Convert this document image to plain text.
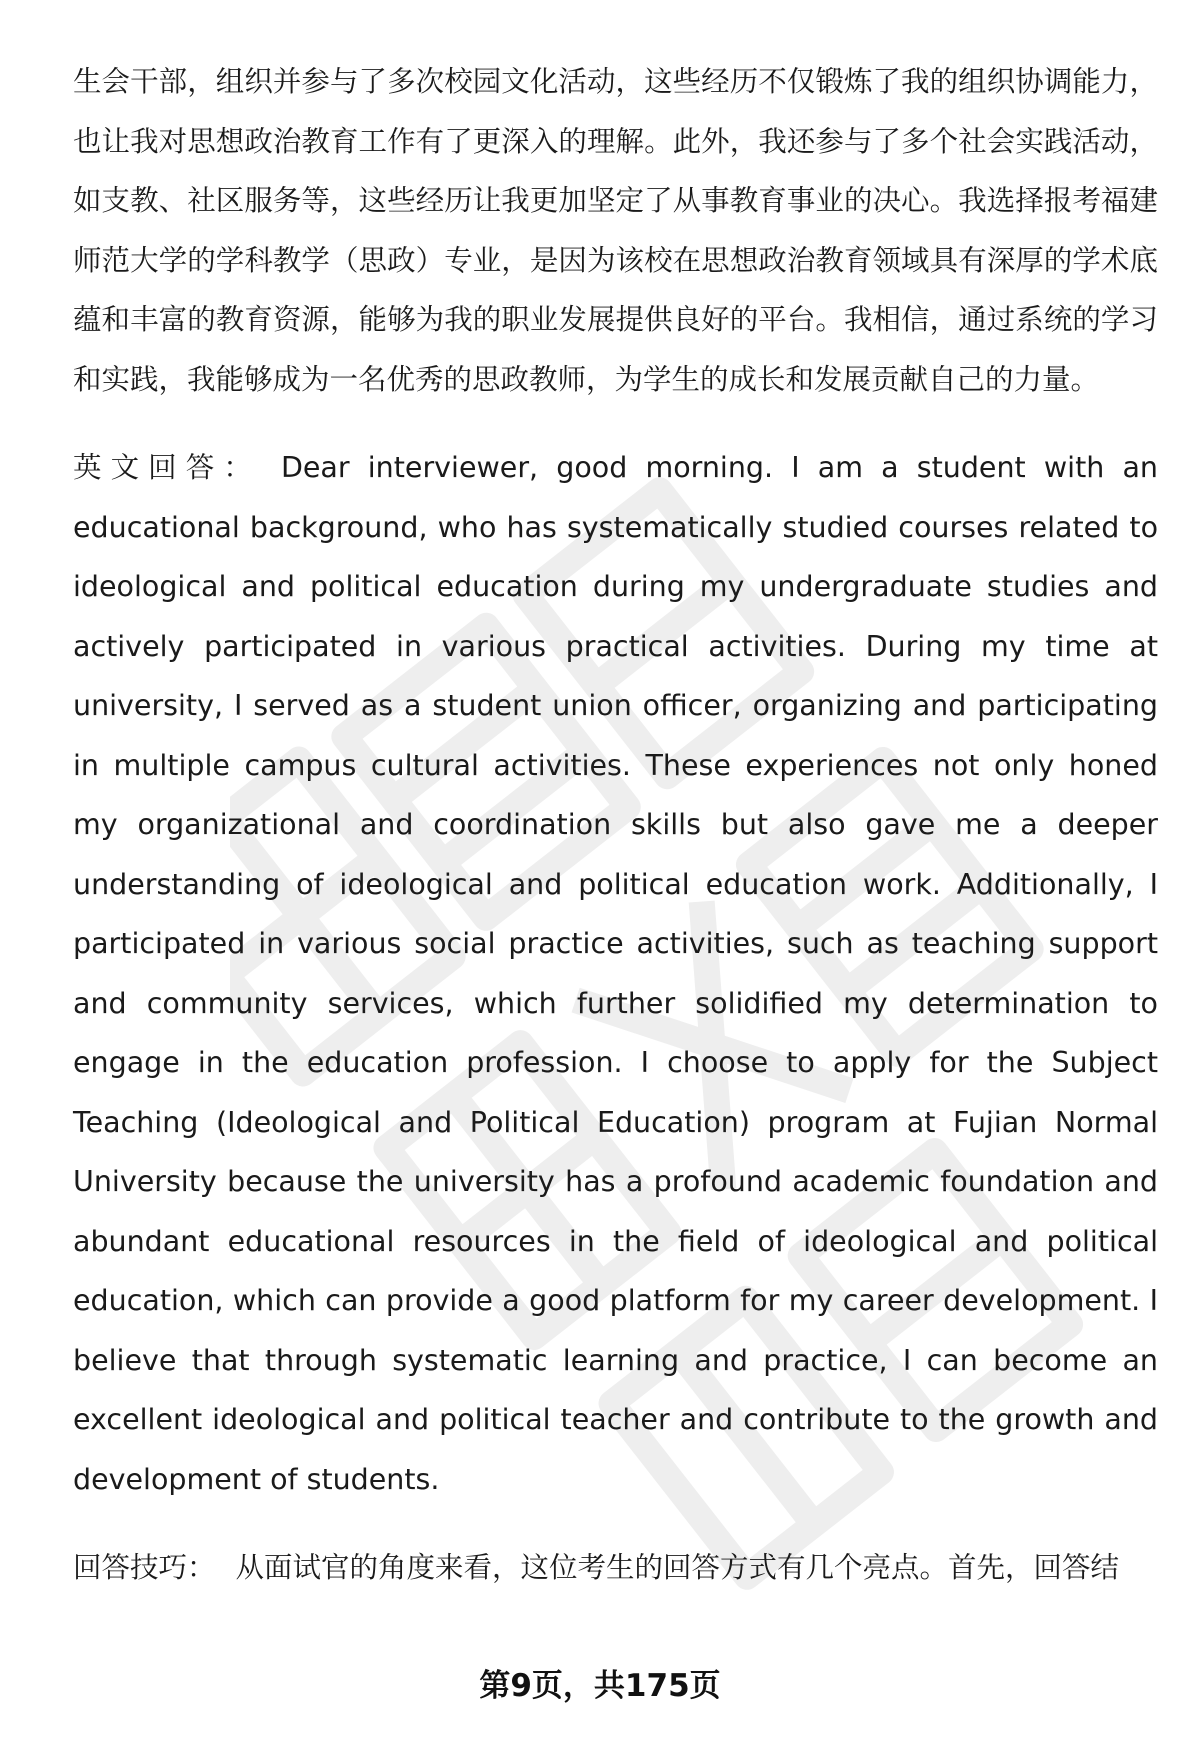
生会干部，组织并参与了多次校园文化活动，这些经历不仅锻炼了我的组织协调能力，也让我对思想政治教育工作有了更深入的理解。此外，我还参与了多个社会实践活动，如支教、社区服务等，这些经历让我更加坚定了从事教育事业的决心。我选择报考福建师范大学的学科教学（思政）专业，是因为该校在思想政治教育领域具有深厚的学术底蕴和丰富的教育资源，能够为我的职业发展提供良好的平台。我相信，通过系统的学习和实践，我能够成为一名优秀的思政教师，为学生的成长和发展贡献自己的力量。

英文回答： Dear interviewer, good morning. I am a student with an educational background, who has systematically studied courses related to ideological and political education during my undergraduate studies and actively participated in various practical activities. During my time at university, I served as a student union officer, organizing and participating in multiple campus cultural activities. These experiences not only honed my organizational and coordination skills but also gave me a deeper understanding of ideological and political education work. Additionally, I participated in various social practice activities, such as teaching support and community services, which further solidified my determination to engage in the education profession. I choose to apply for the Subject Teaching (Ideological and Political Education) program at Fujian Normal University because the university has a profound academic foundation and abundant educational resources in the field of ideological and political education, which can provide a good platform for my career development. I believe that through systematic learning and practice, I can become an excellent ideological and political teacher and contribute to the growth and development of students.

回答技巧： 从面试官的角度来看，这位考生的回答方式有几个亮点。首先，回答结

第9页，共175页
